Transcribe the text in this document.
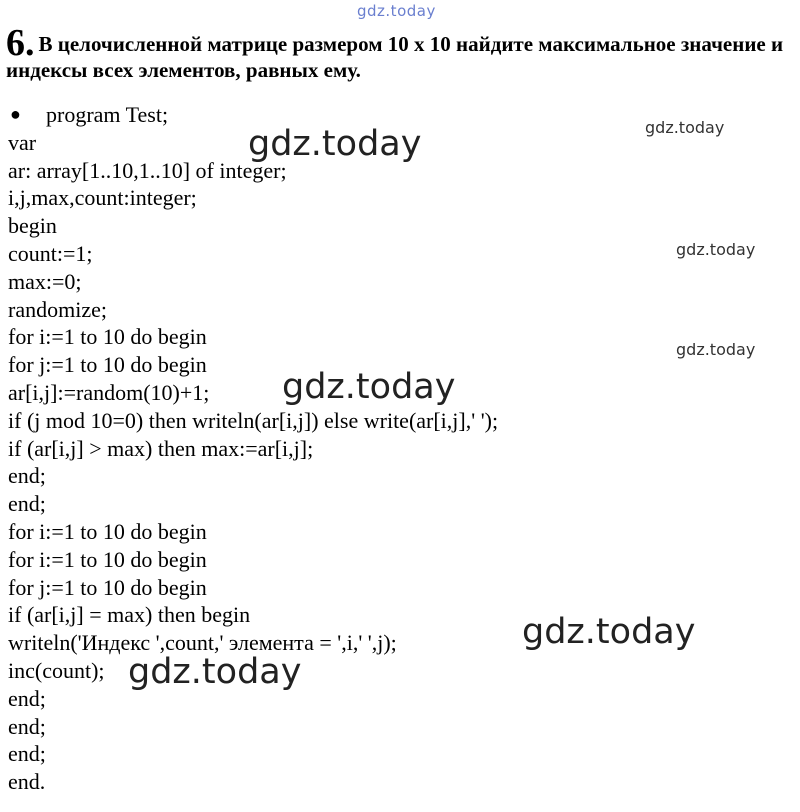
gdz.today
6. В целочисленной матрице размером 10 х 10 найдите максимальное значение и индексы всех элементов, равных ему.
● program Test;
var
ar: array[1..10,1..10] of integer;
i,j,max,count:integer;
begin
count:=1;
max:=0;
randomize;
for i:=1 to 10 do begin
for j:=1 to 10 do begin
ar[i,j]:=random(10)+1;
if (j mod 10=0) then writeln(ar[i,j]) else write(ar[i,j],' ');
if (ar[i,j] > max) then max:=ar[i,j];
end;
end;
for i:=1 to 10 do begin
for i:=1 to 10 do begin
for j:=1 to 10 do begin
if (ar[i,j] = max) then begin
writeln('Индекс ',count,' элемента = ',i,' ',j);
inc(count);
end;
end;
end;
end.
gdz.today	gdz.today
gdz.today
gdz.today
gdz.today
gdz.today
gdz.today
